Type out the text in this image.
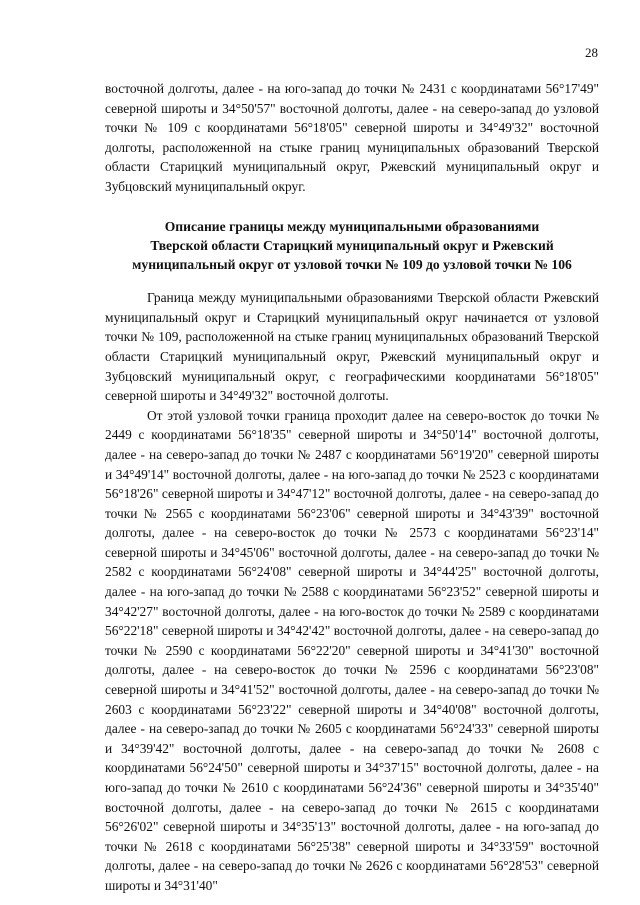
28

восточной долготы, далее - на юго-запад до точки № 2431 с координатами 56°17'49" северной широты и 34°50'57" восточной долготы, далее - на северо-запад до узловой точки № 109 с координатами 56°18'05" северной широты и 34°49'32" восточной долготы, расположенной на стыке границ муниципальных образований Тверской области Старицкий муниципальный округ, Ржевский муниципальный округ и Зубцовский муниципальный округ.

Описание границы между муниципальными образованиями
Тверской области Старицкий муниципальный округ и Ржевский
муниципальный округ от узловой точки № 109 до узловой точки № 106

Граница между муниципальными образованиями Тверской области Ржевский муниципальный округ и Старицкий муниципальный округ начинается от узловой точки № 109, расположенной на стыке границ муниципальных образований Тверской области Старицкий муниципальный округ, Ржевский муниципальный округ и Зубцовский муниципальный округ, с географическими координатами 56°18'05" северной широты и 34°49'32" восточной долготы.

От этой узловой точки граница проходит далее на северо-восток до точки № 2449 с координатами 56°18'35" северной широты и 34°50'14" восточной долготы, далее - на северо-запад до точки № 2487 с координатами 56°19'20" северной широты и 34°49'14" восточной долготы, далее - на юго-запад до точки № 2523 с координатами 56°18'26" северной широты и 34°47'12" восточной долготы, далее - на северо-запад до точки № 2565 с координатами 56°23'06" северной широты и 34°43'39" восточной долготы, далее - на северо-восток до точки № 2573 с координатами 56°23'14" северной широты и 34°45'06" восточной долготы, далее - на северо-запад до точки № 2582 с координатами 56°24'08" северной широты и 34°44'25" восточной долготы, далее - на юго-запад до точки № 2588 с координатами 56°23'52" северной широты и 34°42'27" восточной долготы, далее - на юго-восток до точки № 2589 с координатами 56°22'18" северной широты и 34°42'42" восточной долготы, далее - на северо-запад до точки № 2590 с координатами 56°22'20" северной широты и 34°41'30" восточной долготы, далее - на северо-восток до точки № 2596 с координатами 56°23'08" северной широты и 34°41'52" восточной долготы, далее - на северо-запад до точки № 2603 с координатами 56°23'22" северной широты и 34°40'08" восточной долготы, далее - на северо-запад до точки № 2605 с координатами 56°24'33" северной широты и 34°39'42" восточной долготы, далее - на северо-запад до точки № 2608 с координатами 56°24'50" северной широты и 34°37'15" восточной долготы, далее - на юго-запад до точки № 2610 с координатами 56°24'36" северной широты и 34°35'40" восточной долготы, далее - на северо-запад до точки № 2615 с координатами 56°26'02" северной широты и 34°35'13" восточной долготы, далее - на юго-запад до точки № 2618 с координатами 56°25'38" северной широты и 34°33'59" восточной долготы, далее - на северо-запад до точки № 2626 с координатами 56°28'53" северной широты и 34°31'40"
